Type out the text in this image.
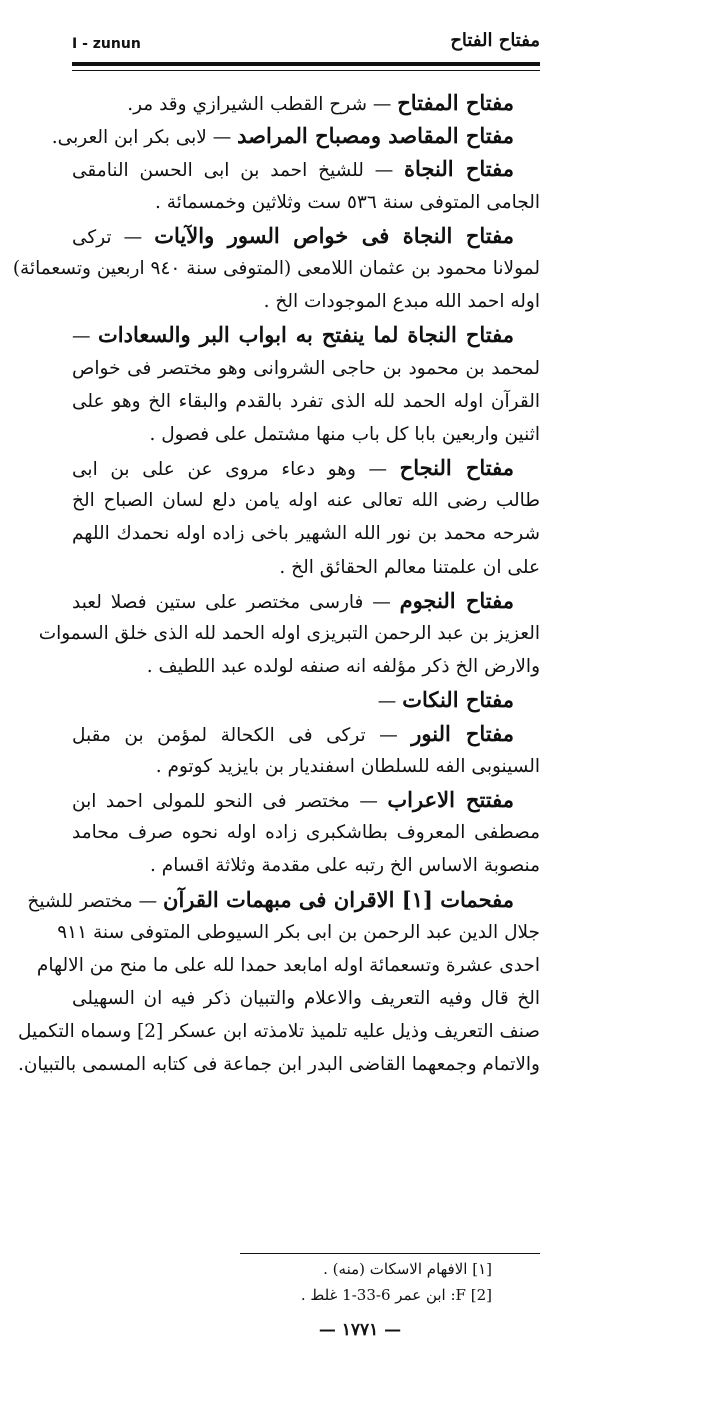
I - zunun	مفتاح الفتاح
مفتاح المفتاح — شرح القطب الشيرازي وقد مر.
مفتاح المقاصد ومصباح المراصد — لابى بكر ابن العربى.
مفتاح النجاة — للشيخ احمد بن ابى الحسن النامقى
الجامى المتوفى سنة ٥٣٦ ست وثلاثين وخمسمائة .
مفتاح النجاة فى خواص السور والآيات — تركى
لمولانا محمود بن عثمان اللامعى (المتوفى سنة ٩٤٠ اربعين وتسعمائة)
اوله احمد الله مبدع الموجودات الخ .
مفتاح النجاة لما ينفتح به ابواب البر والسعادات —
لمحمد بن محمود بن حاجى الشروانى وهو مختصر فى خواص
القرآن اوله الحمد لله الذى تفرد بالقدم والبقاء الخ وهو على
اثنين واربعين بابا كل باب منها مشتمل على فصول .
مفتاح النجاح — وهو دعاء مروى عن على بن ابى
طالب رضى الله تعالى عنه اوله يامن دلع لسان الصباح الخ
شرحه محمد بن نور الله الشهير باخى زاده اوله نحمدك اللهم
على ان علمتنا معالم الحقائق الخ .
مفتاح النجوم — فارسى مختصر على ستين فصلا لعبد
العزيز بن عبد الرحمن التبريزى اوله الحمد لله الذى خلق السموات
والارض الخ ذكر مؤلفه انه صنفه لولده عبد اللطيف .
مفتاح النكات —
مفتاح النور — تركى فى الكحالة لمؤمن بن مقبل
السينوبى الفه للسلطان اسفنديار بن بايزيد كوتوم .
مفتتح الاعراب — مختصر فى النحو للمولى احمد ابن
مصطفى المعروف بطاشكبرى زاده اوله نحوه صرف محامد
منصوبة الاساس الخ رتبه على مقدمة وثلاثة اقسام .
مفحمات [١] الاقران فى مبهمات القرآن — مختصر للشيخ
جلال الدين عبد الرحمن بن ابى بكر السيوطى المتوفى سنة ٩١١
احدى عشرة وتسعمائة اوله امابعد حمدا لله على ما منح من الالهام
الخ قال وفيه التعريف والاعلام والتبيان ذكر فيه ان السهيلى
صنف التعريف وذيل عليه تلميذ تلامذته ابن عسكر [2] وسماه التكميل
والاتمام وجمعهما القاضى البدر ابن جماعة فى كتابه المسمى بالتبيان.
[١] الافهام الاسكات (منه) .
[2] F: ابن عمر 6-33-1 غلط .
— ١٧٧١ —
